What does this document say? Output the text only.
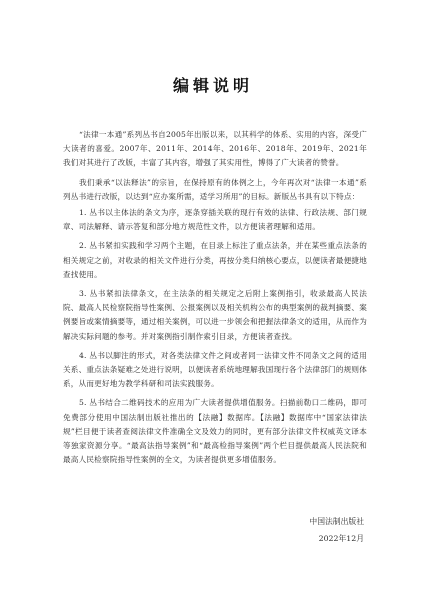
编辑说明

“法律一本通”系列丛书自2005年出版以来，以其科学的体系、实用的内容，深受广大读者的喜爱。2007年、2011年、2014年、2016年、2018年、2019年、2021年我们对其进行了改版，丰富了其内容，增强了其实用性，博得了广大读者的赞誉。

我们秉承“以法释法”的宗旨，在保持原有的体例之上，今年再次对“法律一本通”系列丛书进行改版，以达到“应办案所需，适学习所用”的目标。新版丛书具有以下特点：

1. 丛书以主体法的条文为序，逐条穿插关联的现行有效的法律、行政法规、部门规章、司法解释、请示答复和部分地方规范性文件，以方便读者理解和适用。

2. 丛书紧扣实践和学习两个主题，在目录上标注了重点法条，并在某些重点法条的相关规定之前，对收录的相关文件进行分类，再按分类归纳核心要点，以便读者最便捷地查找使用。

3. 丛书紧扣法律条文，在主法条的相关规定之后附上案例指引，收录最高人民法院、最高人民检察院指导性案例、公报案例以及相关机构公布的典型案例的裁判摘要、案例要旨或案情摘要等，通过相关案例，可以进一步领会和把握法律条文的适用，从而作为解决实际问题的参考。并对案例指引制作索引目录，方便读者查找。

4. 丛书以脚注的形式，对各类法律文件之间或者同一法律文件不同条文之间的适用关系、重点法条疑难之处进行说明，以便读者系统地理解我国现行各个法律部门的规则体系，从而更好地为教学科研和司法实践服务。

5. 丛书结合二维码技术的应用为广大读者提供增值服务。扫描前勒口二维码，即可免费部分使用中国法制出版社推出的【法融】数据库。【法融】数据库中“国家法律法规”栏目便于读者查阅法律文件准确全文及效力的同时，更有部分法律文件权威英文译本等独家资源分享。“最高法指导案例”和“最高检指导案例”两个栏目提供最高人民法院和最高人民检察院指导性案例的全文，为读者提供更多增值服务。

中国法制出版社
2022年12月
